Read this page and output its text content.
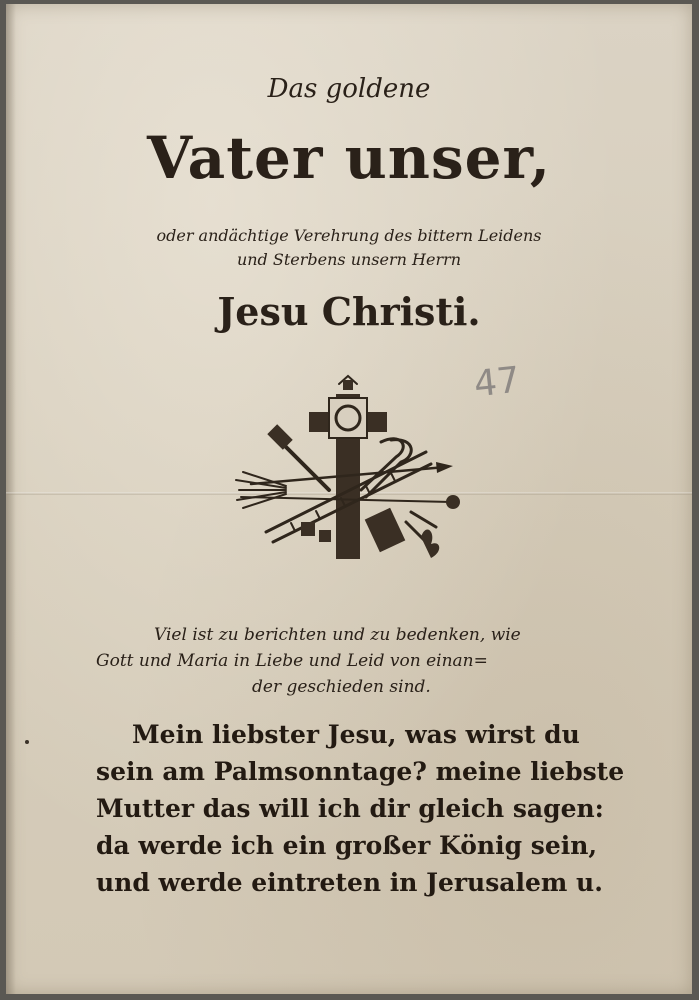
Das goldene

Vater unser,

oder andächtige Verehrung des bittern Leidens

und Sterbens unsern Herrn

Jesu Christi.

47

Viel ist zu berichten und zu bedenken, wie
Gott und Maria in Liebe und Leid von einan=
der geschieden sind.
Mein liebster Jesu, was wirst du
sein am Palmsonntage? meine liebste
Mutter das will ich dir gleich sagen:
da werde ich ein großer König sein,
und werde eintreten in Jerusalem u.
